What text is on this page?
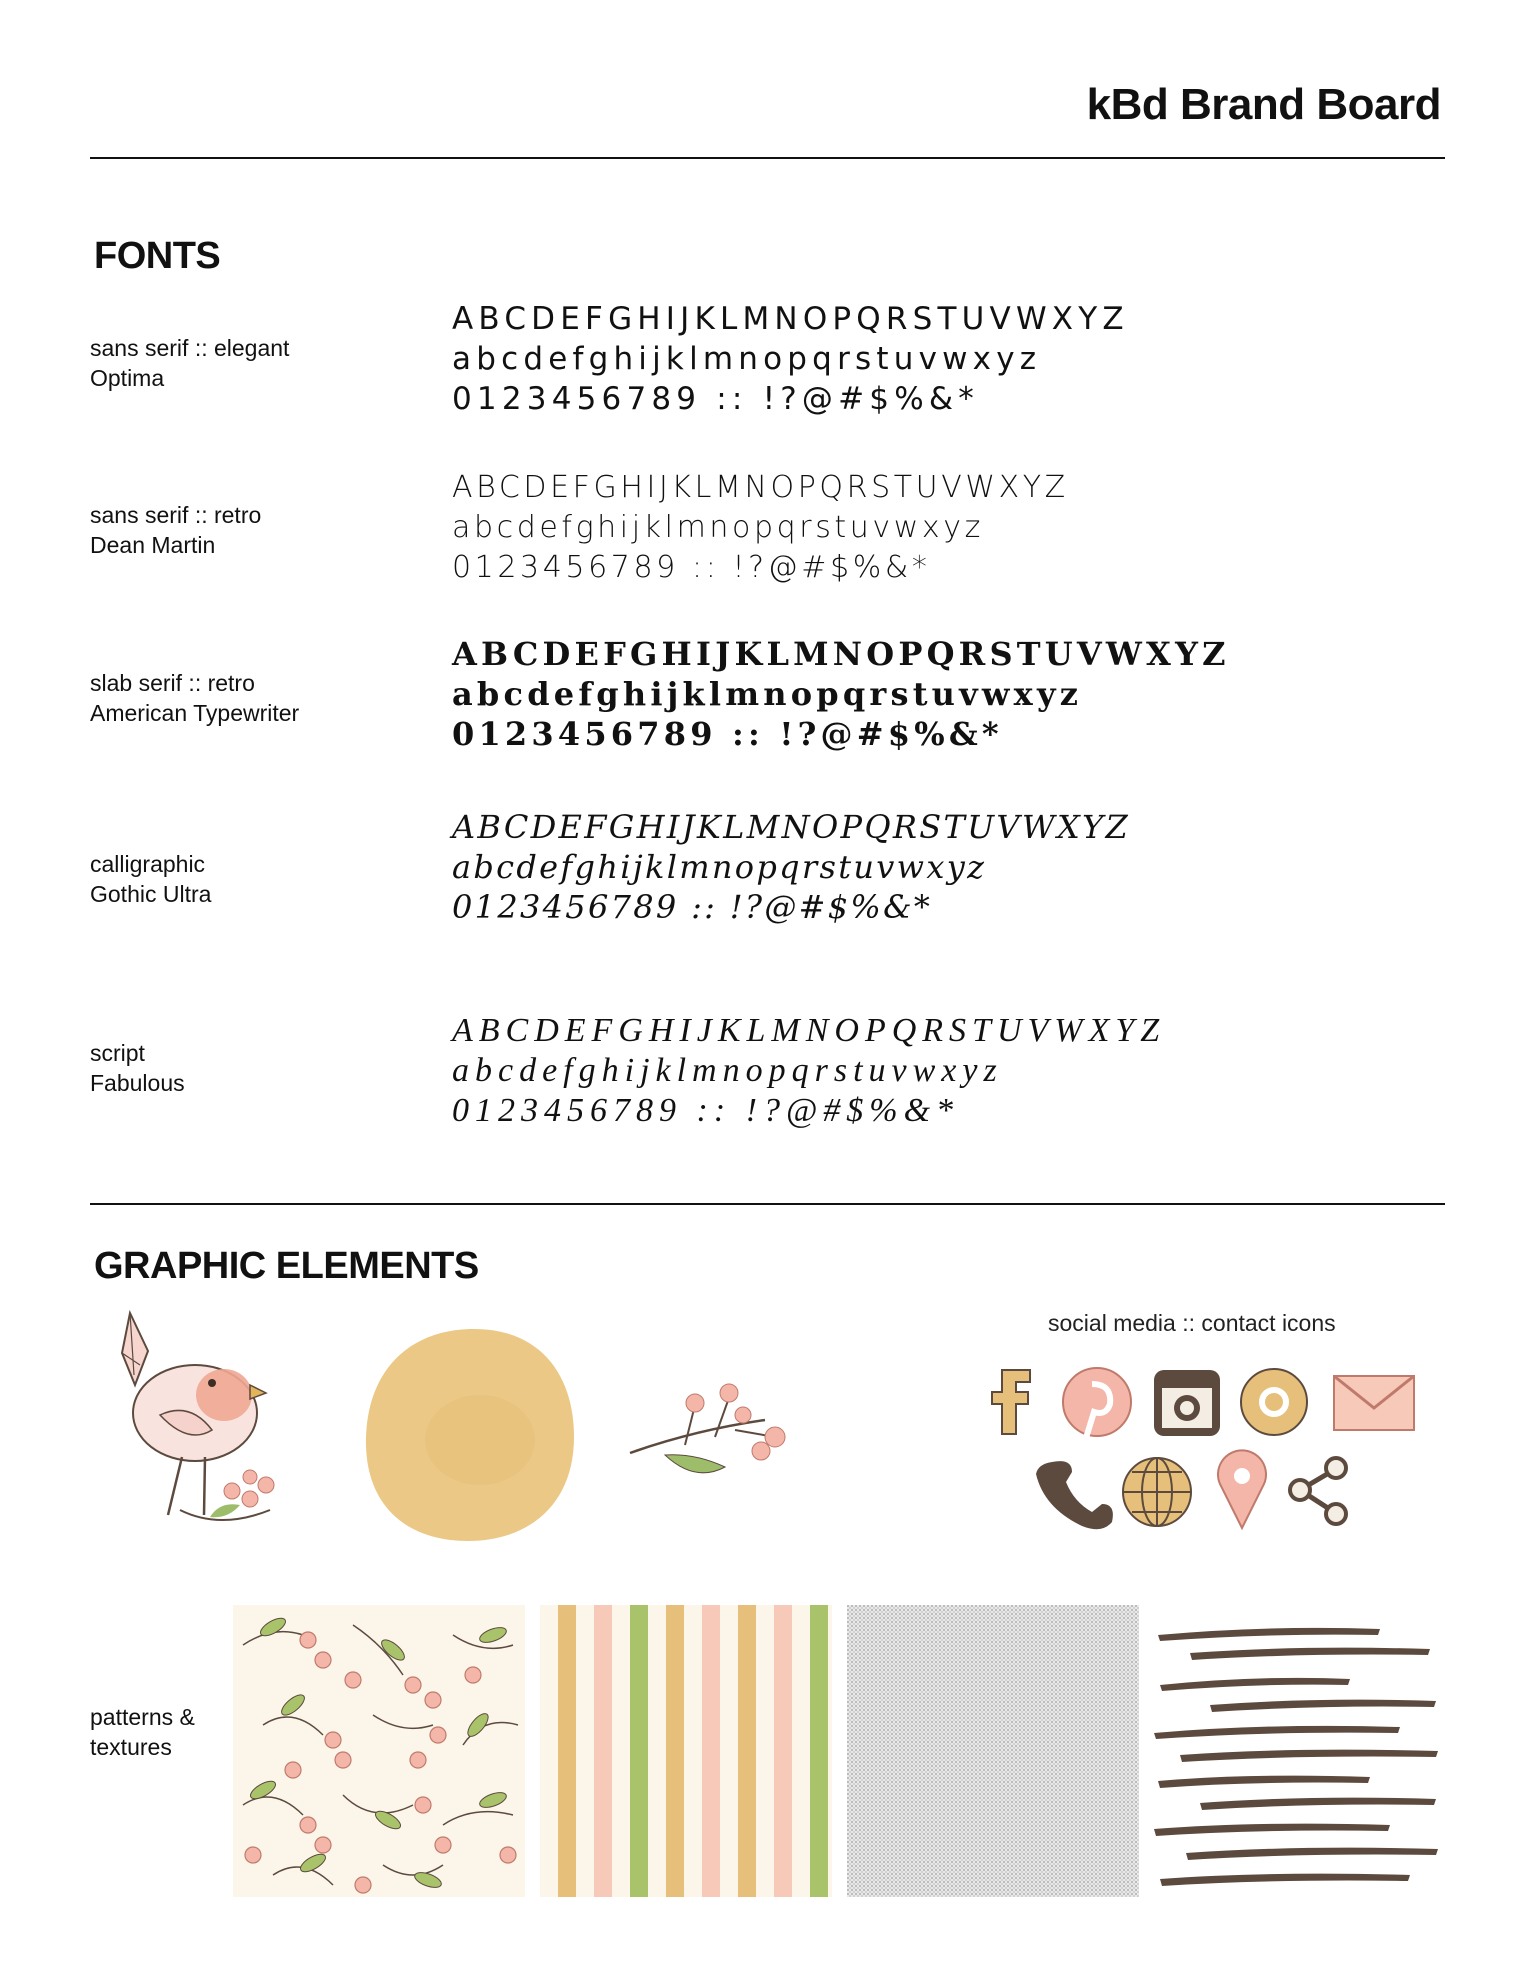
kBd Brand Board
FONTS
sans serif :: elegant
Optima
ABCDEFGHIJKLMNOPQRSTUVWXYZ
abcdefghijklmnopqrstuvwxyz
0123456789 :: !?@#$%&*
sans serif :: retro
Dean Martin
ABCDEFGHIJKLMNOPQRSTUVWXYZ
abcdefghijklmnopqrstuvwxyz
0123456789 :: !?@#$%&*
slab serif :: retro
American Typewriter
ABCDEFGHIJKLMNOPQRSTUVWXYZ
abcdefghijklmnopqrstuvwxyz
0123456789 :: !?@#$%&*
calligraphic
Gothic Ultra
ABCDEFGHIJKLMNOPQRSTUVWXYZ
abcdefghijklmnopqrstuvwxyz
0123456789 :: !?@#$%&*
script
Fabulous
ABCDEFGHIJKLMNOPQRSTUVWXYZ
abcdefghijklmnopqrstuvwxyz
0123456789 :: !?@#$%&*
GRAPHIC ELEMENTS
social media :: contact icons
patterns &
textures
